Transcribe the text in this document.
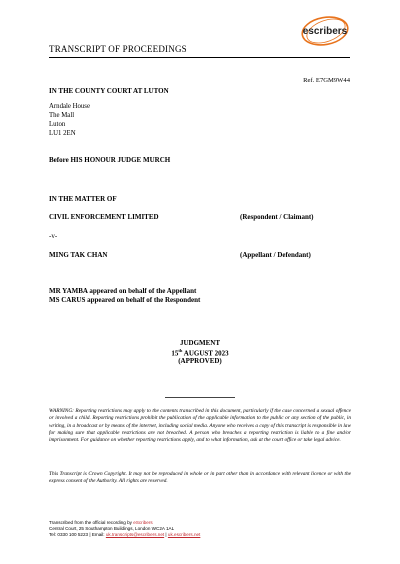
escribers
TRANSCRIPT OF PROCEEDINGS
Ref. E7GM9W44
IN THE COUNTY COURT AT LUTON
Arndale House
The Mall
Luton
LU1 2EN
Before HIS HONOUR JUDGE MURCH
IN THE MATTER OF
CIVIL ENFORCEMENT LIMITED	(Respondent / Claimant)
-v-
MING TAK CHAN	(Appellant / Defendant)
MR YAMBA appeared on behalf of the Appellant
MS CARUS appeared on behalf of the Respondent
JUDGMENT
15th AUGUST 2023
(APPROVED)
WARNING: Reporting restrictions may apply to the contents transcribed in this document, particularly if the case concerned a sexual offence or involved a child. Reporting restrictions prohibit the publication of the applicable information to the public or any section of the public, in writing, in a broadcast or by means of the internet, including social media. Anyone who receives a copy of this transcript is responsible in law for making sure that applicable restrictions are not breached. A person who breaches a reporting restriction is liable to a fine and/or imprisonment. For guidance on whether reporting restrictions apply, and to what information, ask at the court office or take legal advice.
This Transcript is Crown Copyright. It may not be reproduced in whole or in part other than in accordance with relevant licence or with the express consent of the Authority. All rights are reserved.
Transcribed from the official recording by eScribers
Central Court, 25 Southampton Buildings, London WC2A 1AL
Tel: 0330 100 5223 | Email: uk.transcripts@escribers.net | uk.escribers.net
